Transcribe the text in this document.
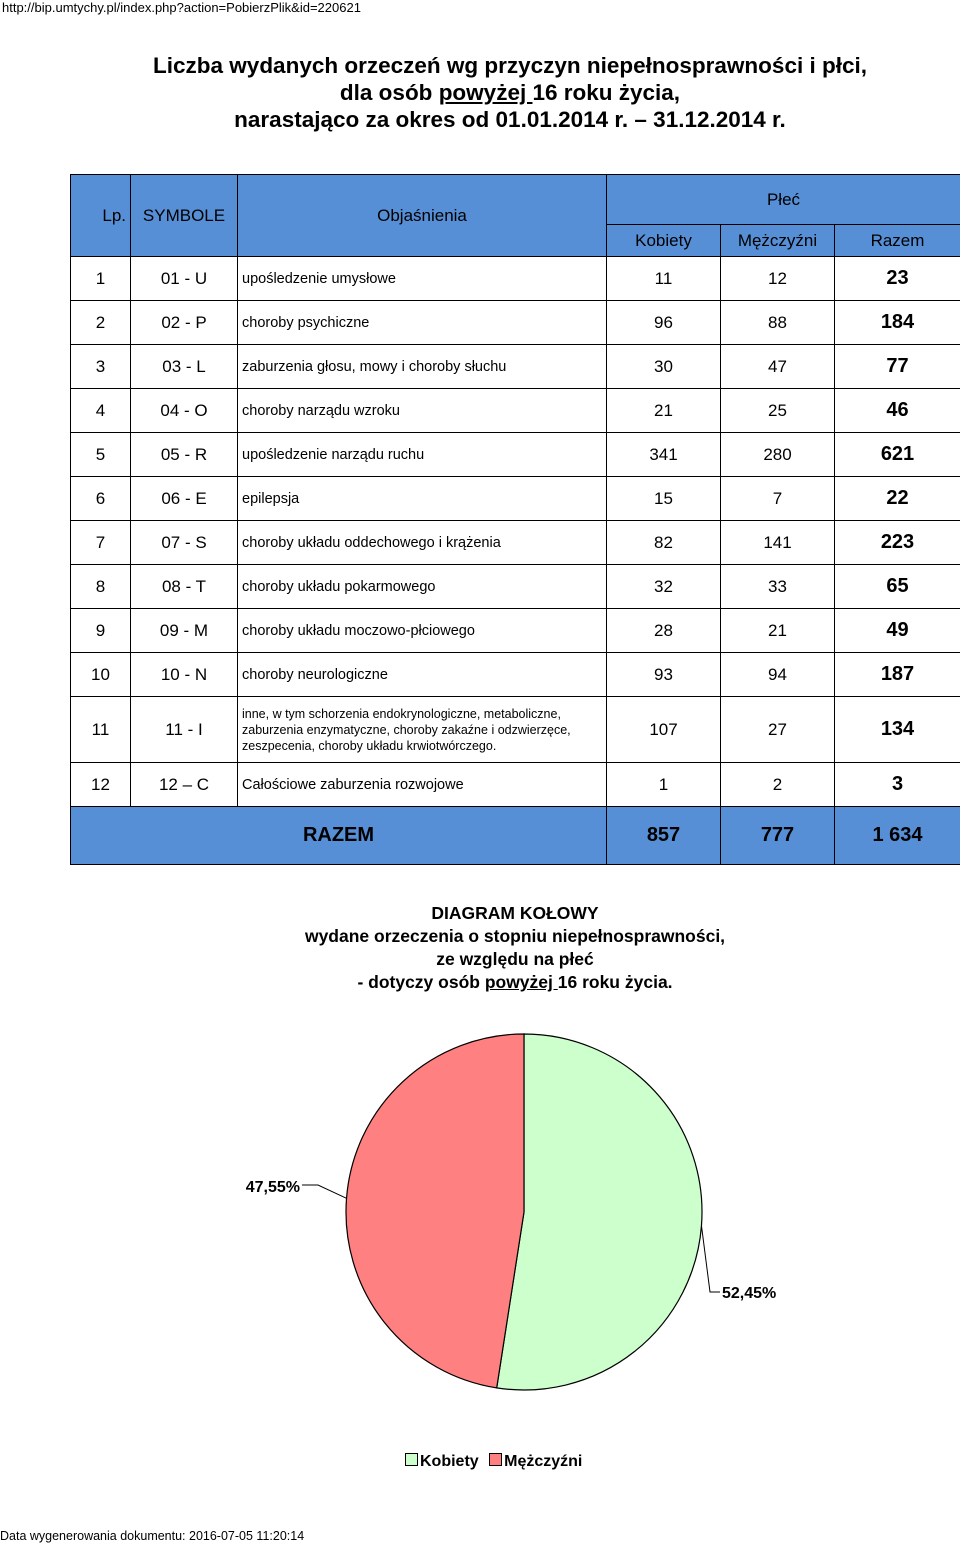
http://bip.umtychy.pl/index.php?action=PobierzPlik&id=220621
Liczba wydanych orzeczeń wg przyczyn niepełnosprawności i płci,
dla osób powyżej 16 roku życia,
narastająco za okres od 01.01.2014 r. – 31.12.2014 r.
Lp.	SYMBOLE	Objaśnienia	Płeć		
			Kobiety	Mężczyźni	Razem
1	01 - U	upośledzenie umysłowe	11	12	23
2	02 - P	choroby psychiczne	96	88	184
3	03 - L	zaburzenia głosu, mowy i choroby słuchu	30	47	77
4	04 - O	choroby narządu wzroku	21	25	46
5	05 - R	upośledzenie narządu ruchu	341	280	621
6	06 - E	epilepsja	15	7	22
7	07 - S	choroby układu oddechowego i krążenia	82	141	223
8	08 - T	choroby układu pokarmowego	32	33	65
9	09 - M	choroby układu moczowo-płciowego	28	21	49
10	10 - N	choroby neurologiczne	93	94	187
11	11 - I	inne, w tym schorzenia endokrynologiczne, metaboliczne, zaburzenia enzymatyczne, choroby zakaźne i odzwierzęce, zeszpecenia, choroby układu krwiotwórczego.	107	27	134
12	12 – C	Całościowe zaburzenia rozwojowe	1	2	3
RAZEM			857	777	1 634
DIAGRAM KOŁOWY
wydane orzeczenia o stopniu niepełnosprawności,
ze względu na płeć
- dotyczy osób powyżej 16 roku życia.
52,45%
47,55%
Kobiety Mężczyźni
Data wygenerowania dokumentu: 2016-07-05 11:20:14
